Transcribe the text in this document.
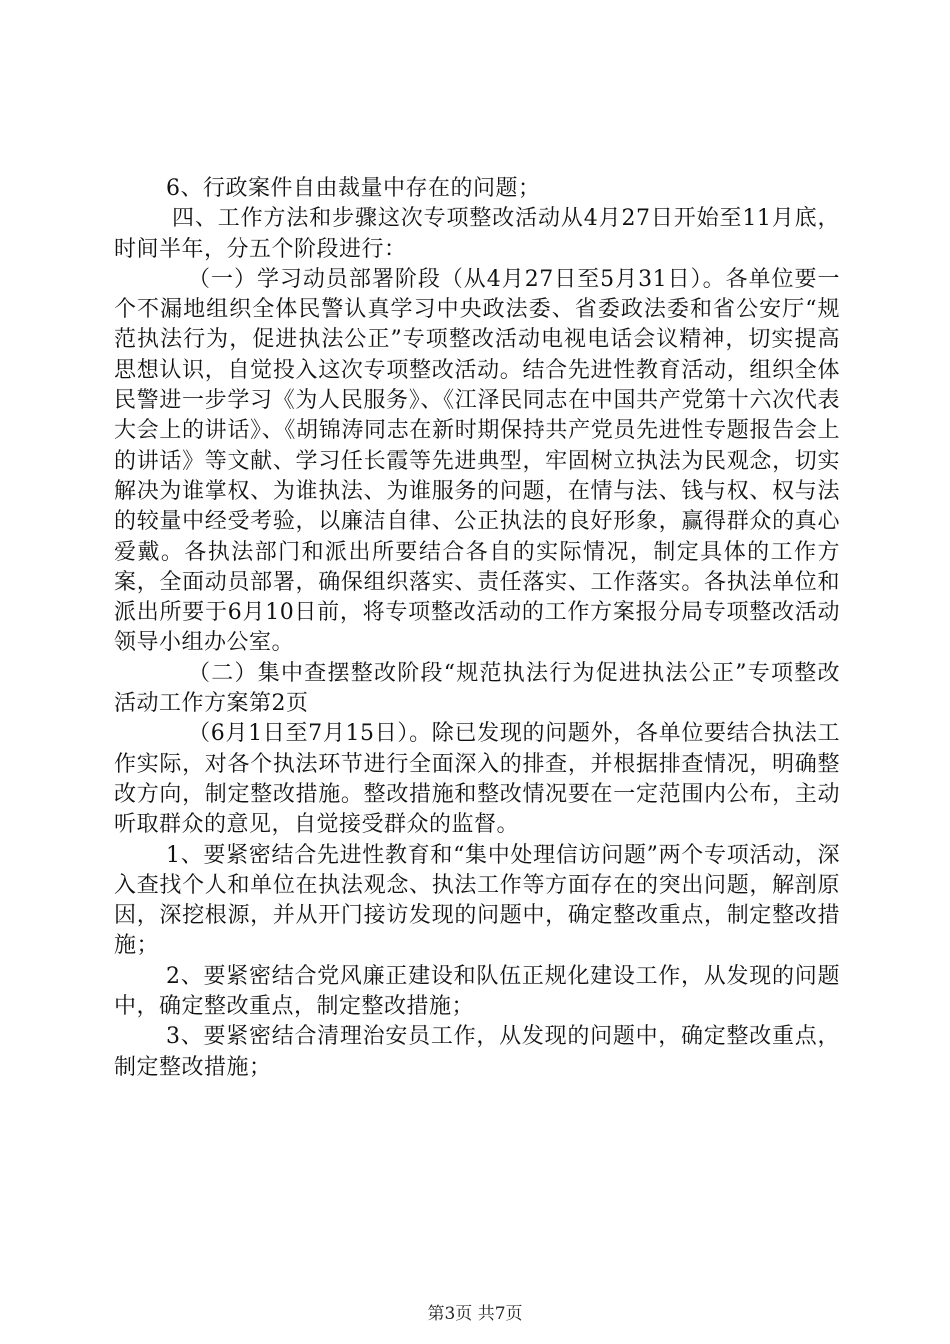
6、行政案件自由裁量中存在的问题；

四、工作方法和步骤这次专项整改活动从4月27日开始至11月底，时间半年，分五个阶段进行：

（一）学习动员部署阶段（从4月27日至5月31日）。各单位要一个不漏地组织全体民警认真学习中央政法委、省委政法委和省公安厅“规范执法行为，促进执法公正”专项整改活动电视电话会议精神，切实提高思想认识，自觉投入这次专项整改活动。结合先进性教育活动，组织全体民警进一步学习《为人民服务》、《江泽民同志在中国共产党第十六次代表大会上的讲话》、《胡锦涛同志在新时期保持共产党员先进性专题报告会上的讲话》等文献、学习任长霞等先进典型，牢固树立执法为民观念，切实解决为谁掌权、为谁执法、为谁服务的问题，在情与法、钱与权、权与法的较量中经受考验，以廉洁自律、公正执法的良好形象，赢得群众的真心爱戴。各执法部门和派出所要结合各自的实际情况，制定具体的工作方案，全面动员部署，确保组织落实、责任落实、工作落实。各执法单位和派出所要于6月10日前，将专项整改活动的工作方案报分局专项整改活动领导小组办公室。

（二）集中查摆整改阶段“规范执法行为促进执法公正”专项整改活动工作方案第2页

（6月1日至7月15日）。除已发现的问题外，各单位要结合执法工作实际，对各个执法环节进行全面深入的排查，并根据排查情况，明确整改方向，制定整改措施。整改措施和整改情况要在一定范围内公布，主动听取群众的意见，自觉接受群众的监督。

1、要紧密结合先进性教育和“集中处理信访问题”两个专项活动，深入查找个人和单位在执法观念、执法工作等方面存在的突出问题，解剖原因，深挖根源，并从开门接访发现的问题中，确定整改重点，制定整改措施；

2、要紧密结合党风廉正建设和队伍正规化建设工作，从发现的问题中，确定整改重点，制定整改措施；

3、要紧密结合清理治安员工作，从发现的问题中，确定整改重点，制定整改措施；

第3页 共7页
